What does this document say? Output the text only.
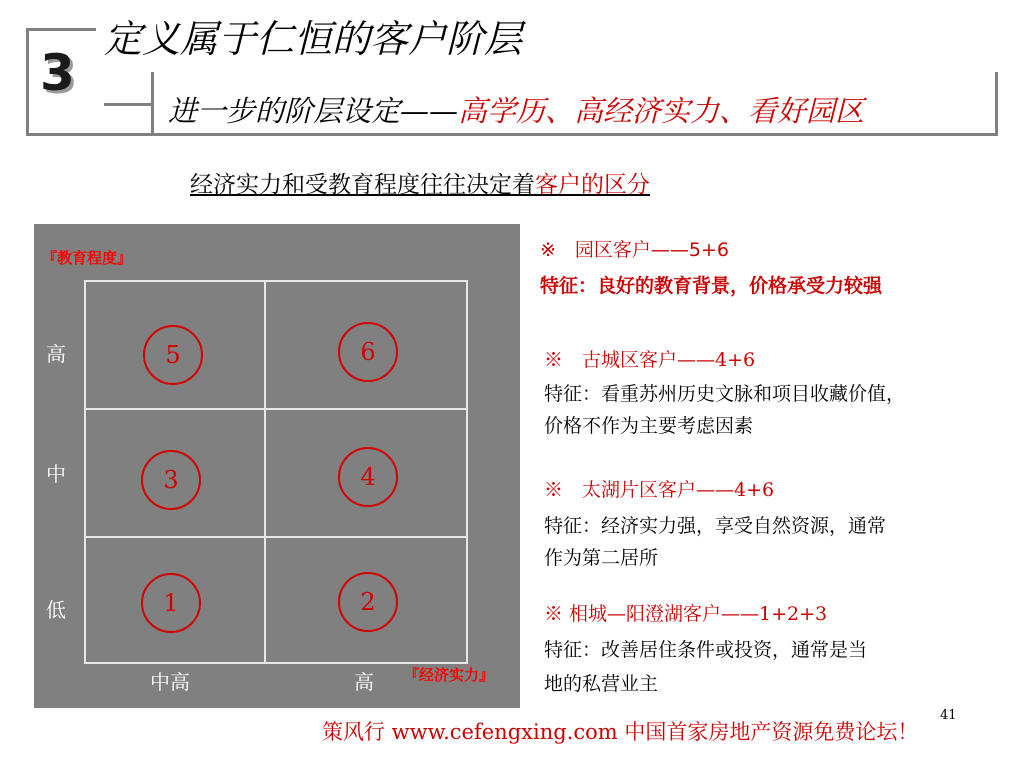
3
定义属于仁恒的客户阶层
进一步的阶层设定——高学历、高经济实力、看好园区
经济实力和受教育程度往往决定着客户的区分
『教育程度』
『经济实力』
高
中
低
中高	高
5	6
3	4
1	2
※　园区客户——5+6
特征：良好的教育背景，价格承受力较强
※　古城区客户——4+6
特征：看重苏州历史文脉和项目收藏价值，
价格不作为主要考虑因素
※　太湖片区客户——4+6
特征：经济实力强，享受自然资源，通常
作为第二居所
※ 相城—阳澄湖客户——1+2+3
特征：改善居住条件或投资，通常是当
地的私营业主
41
策风行 www.cefengxing.com 中国首家房地产资源免费论坛！
